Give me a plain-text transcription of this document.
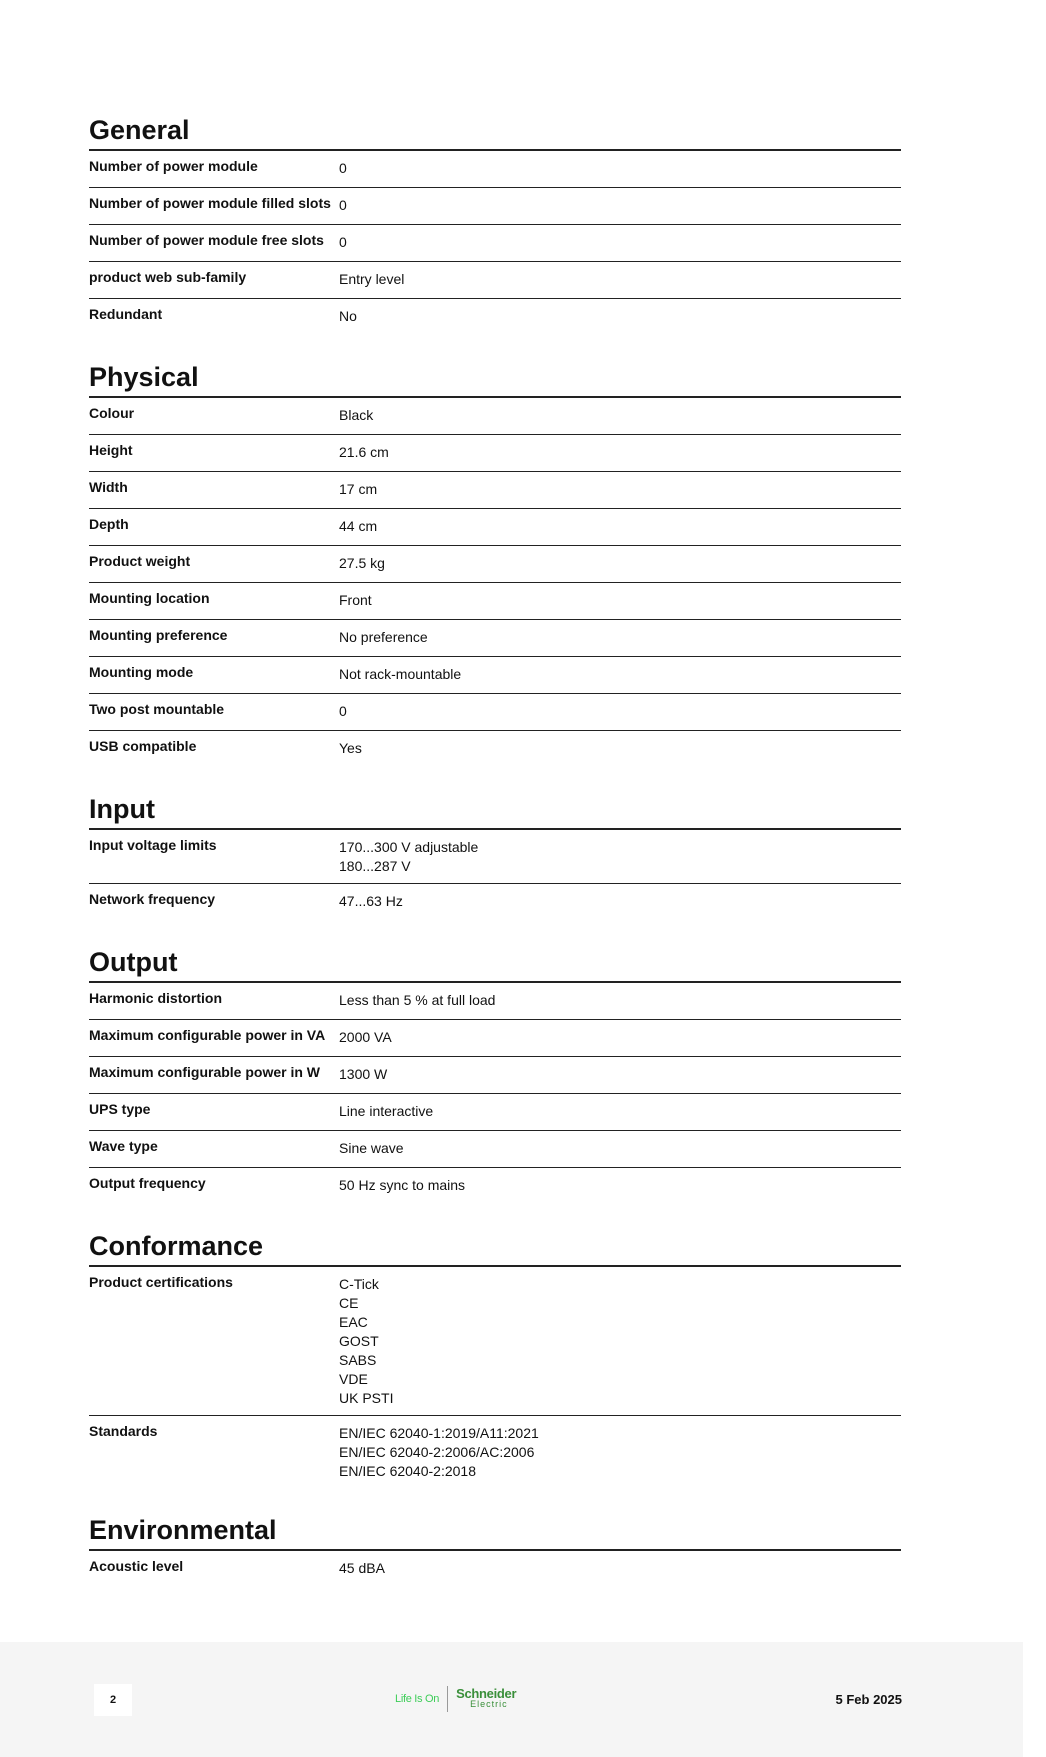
General
Number of power module	0
Number of power module filled slots 0
Number of power module free slots	0
product web sub-family	Entry level
Redundant	No
Physical
Colour	Black
Height	21.6 cm
Width	17 cm
Depth	44 cm
Product weight	27.5 kg
Mounting location	Front
Mounting preference	No preference
Mounting mode	Not rack-mountable
Two post mountable	0
USB compatible	Yes
Input
Input voltage limits	170...300 V adjustable
180...287 V
Network frequency	47...63 Hz
Output
Harmonic distortion	Less than 5 % at full load
Maximum configurable power in VA 2000 VA
Maximum configurable power in W	1300 W
UPS type	Line interactive
Wave type	Sine wave
Output frequency	50 Hz sync to mains
Conformance
Product certifications	C-Tick
CE
EAC
GOST
SABS
VDE
UK PSTI
Standards	EN/IEC 62040-1:2019/A11:2021
EN/IEC 62040-2:2006/AC:2006
EN/IEC 62040-2:2018
Environmental
Acoustic level	45 dBA
2	Life Is On Schneider
Electric	5 Feb 2025
